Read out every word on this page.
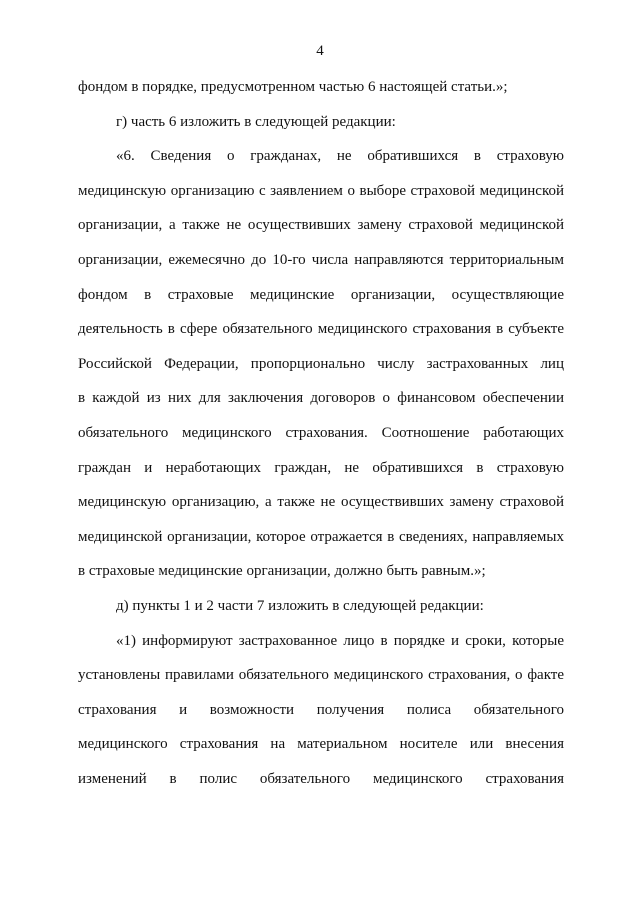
4
фондом в порядке, предусмотренном частью 6 настоящей статьи.»;
г) часть 6 изложить в следующей редакции:
«6. Сведения о гражданах, не обратившихся в страховую
медицинскую организацию с заявлением о выборе страховой медицинской
организации, а также не осуществивших замену страховой медицинской
организации, ежемесячно до 10-го числа направляются территориальным
фондом в страховые медицинские организации, осуществляющие
деятельность в сфере обязательного медицинского страхования в субъекте
Российской Федерации, пропорционально числу застрахованных лиц
в каждой из них для заключения договоров о финансовом обеспечении
обязательного медицинского страхования. Соотношение работающих
граждан и неработающих граждан, не обратившихся в страховую
медицинскую организацию, а также не осуществивших замену страховой
медицинской организации, которое отражается в сведениях, направляемых
в страховые медицинские организации, должно быть равным.»;
д) пункты 1 и 2 части 7 изложить в следующей редакции:
«1) информируют застрахованное лицо в порядке и сроки, которые
установлены правилами обязательного медицинского страхования, о факте
страхования и возможности получения полиса обязательного
медицинского страхования на материальном носителе или внесения
изменений в полис обязательного медицинского страхования
